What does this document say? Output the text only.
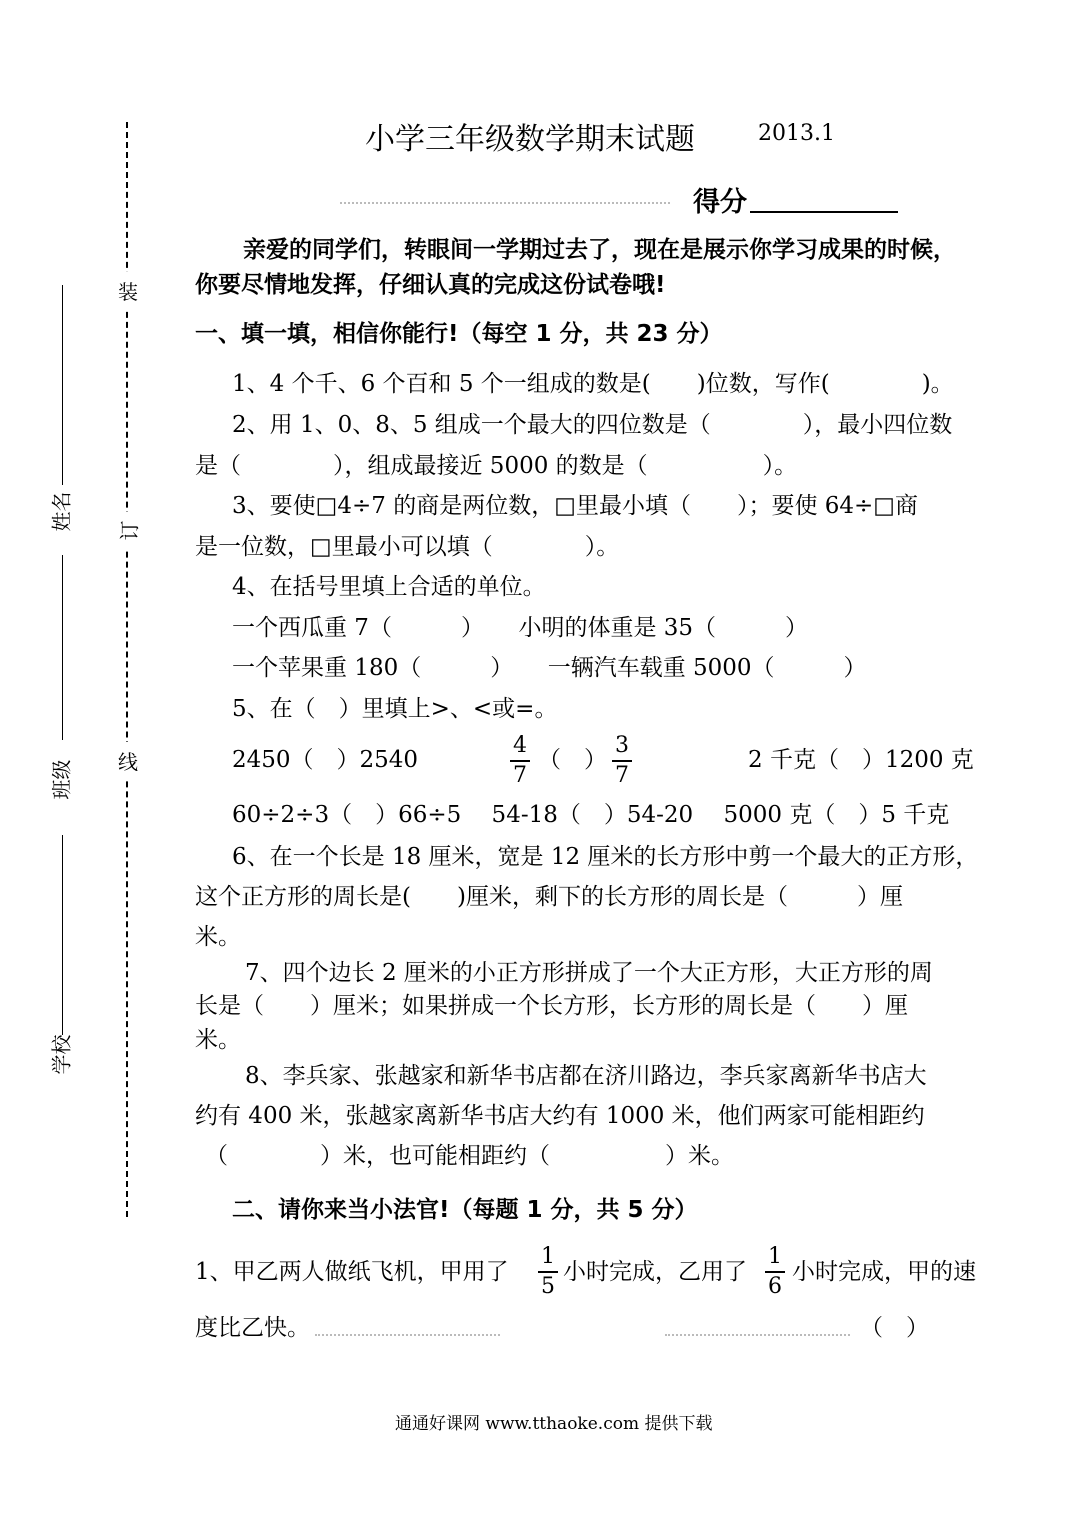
装
订
线
姓名
班级
学校
小学三年级数学期末试题	2013.1
得分
亲爱的同学们，转眼间一学期过去了，现在是展示你学习成果的时候，
你要尽情地发挥，仔细认真的完成这份试卷哦!
一、填一填，相信你能行!（每空 1 分，共 23 分）
1、4 个千、6 个百和 5 个一组成的数是(　　)位数，写作(　　　　)。
2、用 1、0、8、5 组成一个最大的四位数是（　　　　），最小四位数
是（　　　　），组成最接近 5000 的数是（　　　　　）。
3、要使□4÷7 的商是两位数，□里最小填（　　）；要使 64÷□商
是一位数，□里最小可以填（　　　　）。
4、在括号里填上合适的单位。
一个西瓜重 7（　　　）　　小明的体重是 35（　　　）
一个苹果重 180（　　　）　　一辆汽车载重 5000（　　　）
5、在（　）里填上>、<或=。
2450（　）2540
4
7
（　）
3
7
2 千克（　）1200 克
60÷2÷3（　）66÷5　 54-18（　）54-20　 5000 克（　）5 千克
6、在一个长是 18 厘米，宽是 12 厘米的长方形中剪一个最大的正方形，
这个正方形的周长是(　　)厘米，剩下的长方形的周长是（　　　）厘
米。
7、四个边长 2 厘米的小正方形拼成了一个大正方形，大正方形的周
长是（　　）厘米；如果拼成一个长方形，长方形的周长是（　　）厘
米。
8、李兵家、张越家和新华书店都在济川路边，李兵家离新华书店大
约有 400 米，张越家离新华书店大约有 1000 米，他们两家可能相距约
（　　　　）米，也可能相距约（　　　　　）米。
二、请你来当小法官!（每题 1 分，共 5 分）
1、甲乙两人做纸飞机，甲用了
1
5
小时完成，乙用了
1
6
小时完成，甲的速
度比乙快。	（　）
通通好课网 www.tthaoke.com 提供下载
